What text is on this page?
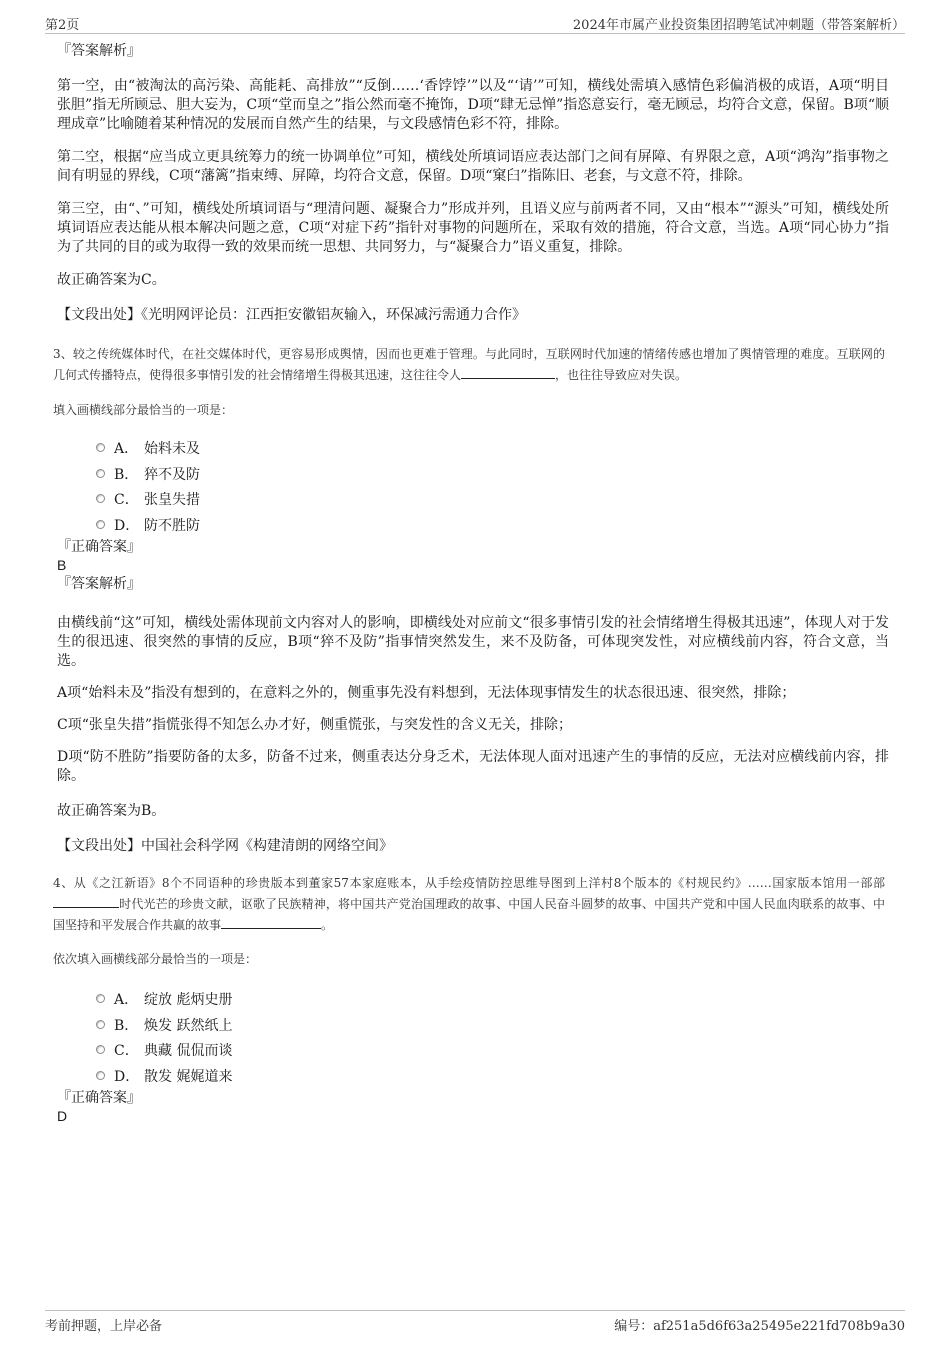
第2页	2024年市属产业投资集团招聘笔试冲刺题（带答案解析）

『答案解析』

第一空，由“被淘汰的高污染、高能耗、高排放”“反倒……‘香饽饽’”以及“‘请’”可知，横线处需填入感情色彩偏消极的成语，A项“明目张胆”指无所顾忌、胆大妄为，C项“堂而皇之”指公然而毫不掩饰，D项“肆无忌惮”指恣意妄行，毫无顾忌，均符合文意，保留。B项“顺理成章”比喻随着某种情况的发展而自然产生的结果，与文段感情色彩不符，排除。

第二空，根据“应当成立更具统筹力的统一协调单位”可知，横线处所填词语应表达部门之间有屏障、有界限之意，A项“鸿沟”指事物之间有明显的界线，C项“藩篱”指束缚、屏障，均符合文意，保留。D项“窠臼”指陈旧、老套，与文意不符，排除。

第三空，由“、”可知，横线处所填词语与“理清问题、凝聚合力”形成并列，且语义应与前两者不同，又由“根本”“源头”可知，横线处所填词语应表达能从根本解决问题之意，C项“对症下药”指针对事物的问题所在，采取有效的措施，符合文意，当选。A项“同心协力”指为了共同的目的或为取得一致的效果而统一思想、共同努力，与“凝聚合力”语义重复，排除。

故正确答案为C。

【文段出处】《光明网评论员：江西拒安徽铝灰输入，环保减污需通力合作》

3、较之传统媒体时代，在社交媒体时代，更容易形成舆情，因而也更难于管理。与此同时，互联网时代加速的情绪传感也增加了舆情管理的难度。互联网的几何式传播特点，使得很多事情引发的社会情绪增生得极其迅速，这往往令人	，也往往导致应对失误。

填入画横线部分最恰当的一项是：

A． 始料未及
B． 猝不及防
C． 张皇失措
D． 防不胜防

『正确答案』

B

『答案解析』

由横线前“这”可知，横线处需体现前文内容对人的影响，即横线处对应前文“很多事情引发的社会情绪增生得极其迅速”，体现人对于发生的很迅速、很突然的事情的反应，B项“猝不及防”指事情突然发生，来不及防备，可体现突发性，对应横线前内容，符合文意，当选。

A项“始料未及”指没有想到的，在意料之外的，侧重事先没有料想到，无法体现事情发生的状态很迅速、很突然，排除；

C项“张皇失措”指慌张得不知怎么办才好，侧重慌张，与突发性的含义无关，排除；

D项“防不胜防”指要防备的太多，防备不过来，侧重表达分身乏术，无法体现人面对迅速产生的事情的反应，无法对应横线前内容，排除。

故正确答案为B。

【文段出处】中国社会科学网《构建清朗的网络空间》

4、从《之江新语》8个不同语种的珍贵版本到董家57本家庭账本，从手绘疫情防控思维导图到上洋村8个版本的《村规民约》……国家版本馆用一部部时代光芒的珍贵文献，讴歌了民族精神，将中国共产党治国理政的故事、中国人民奋斗圆梦的故事、中国共产党和中国人民血肉联系的故事、中国坚持和平发展合作共赢的故事	。

依次填入画横线部分最恰当的一项是：

A． 绽放 彪炳史册
B． 焕发 跃然纸上
C． 典藏 侃侃而谈
D． 散发 娓娓道来

『正确答案』

D

考前押题，上岸必备	编号：af251a5d6f63a25495e221fd708b9a30
